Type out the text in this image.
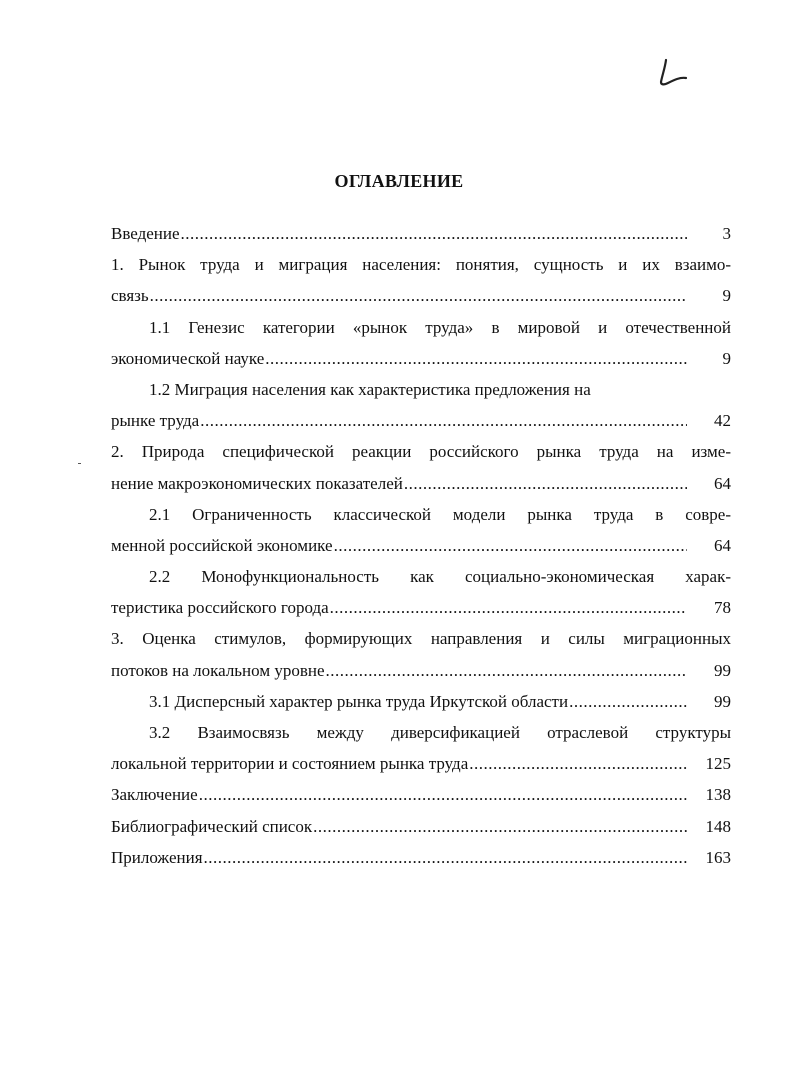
ОГЛАВЛЕНИЕ
Введение .....	3
1. Рынок труда и миграция населения: понятия, сущность и их взаимо-
связь .....	9
1.1 Генезис категории «рынок труда» в мировой и отечественной
экономической науке .....	9
1.2 Миграция населения как характеристика предложения на
рынке труда .....	42
2. Природа специфической реакции российского рынка труда на изме-
нение макроэкономических показателей .....	64
2.1 Ограниченность классической модели рынка труда в совре-
менной российской экономике .....	64
2.2 Монофункциональность как социально-экономическая харак-
теристика российского города .....	78
3. Оценка стимулов, формирующих направления и силы миграционных
потоков на локальном уровне .....	99
3.1 Дисперсный характер рынка труда Иркутской области .....	99
3.2 Взаимосвязь между диверсификацией отраслевой структуры
локальной территории и состоянием рынка труда .....	125
Заключение .....	138
Библиографический список .....	148
Приложения .....	163
